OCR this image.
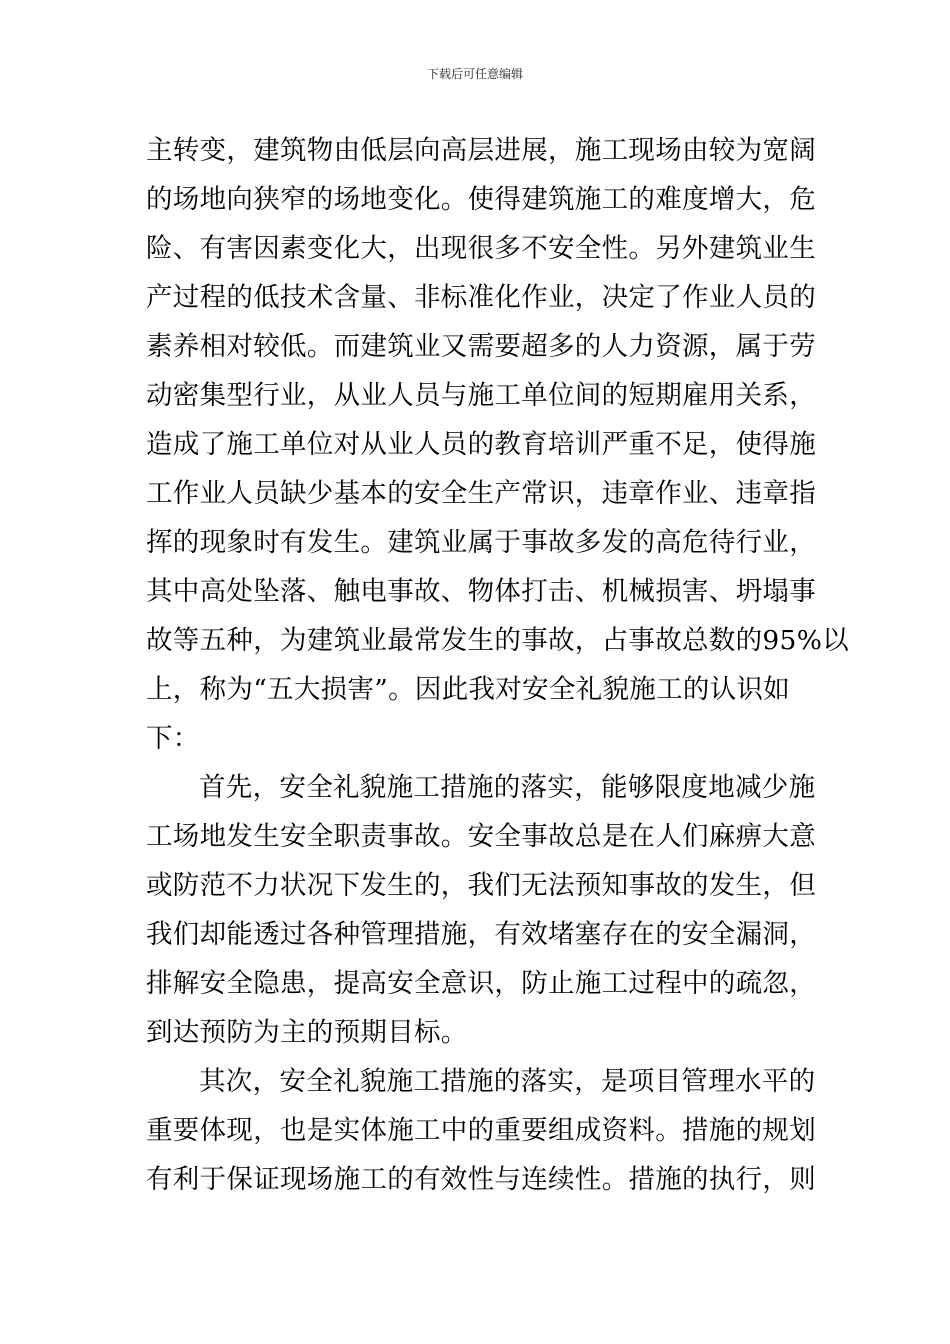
下载后可任意编辑
主转变，建筑物由低层向高层进展，施工现场由较为宽阔
的场地向狭窄的场地变化。使得建筑施工的难度增大，危
险、有害因素变化大，出现很多不安全性。另外建筑业生
产过程的低技术含量、非标准化作业，决定了作业人员的
素养相对较低。而建筑业又需要超多的人力资源，属于劳
动密集型行业，从业人员与施工单位间的短期雇用关系，
造成了施工单位对从业人员的教育培训严重不足，使得施
工作业人员缺少基本的安全生产常识，违章作业、违章指
挥的现象时有发生。建筑业属于事故多发的高危待行业，
其中高处坠落、触电事故、物体打击、机械损害、坍塌事
故等五种，为建筑业最常发生的事故，占事故总数的95%以
上，称为“五大损害”。因此我对安全礼貌施工的认识如
下：
首先，安全礼貌施工措施的落实，能够限度地减少施
工场地发生安全职责事故。安全事故总是在人们麻痹大意
或防范不力状况下发生的，我们无法预知事故的发生，但
我们却能透过各种管理措施，有效堵塞存在的安全漏洞，
排解安全隐患，提高安全意识，防止施工过程中的疏忽，
到达预防为主的预期目标。
其次，安全礼貌施工措施的落实，是项目管理水平的
重要体现，也是实体施工中的重要组成资料。措施的规划
有利于保证现场施工的有效性与连续性。措施的执行，则
